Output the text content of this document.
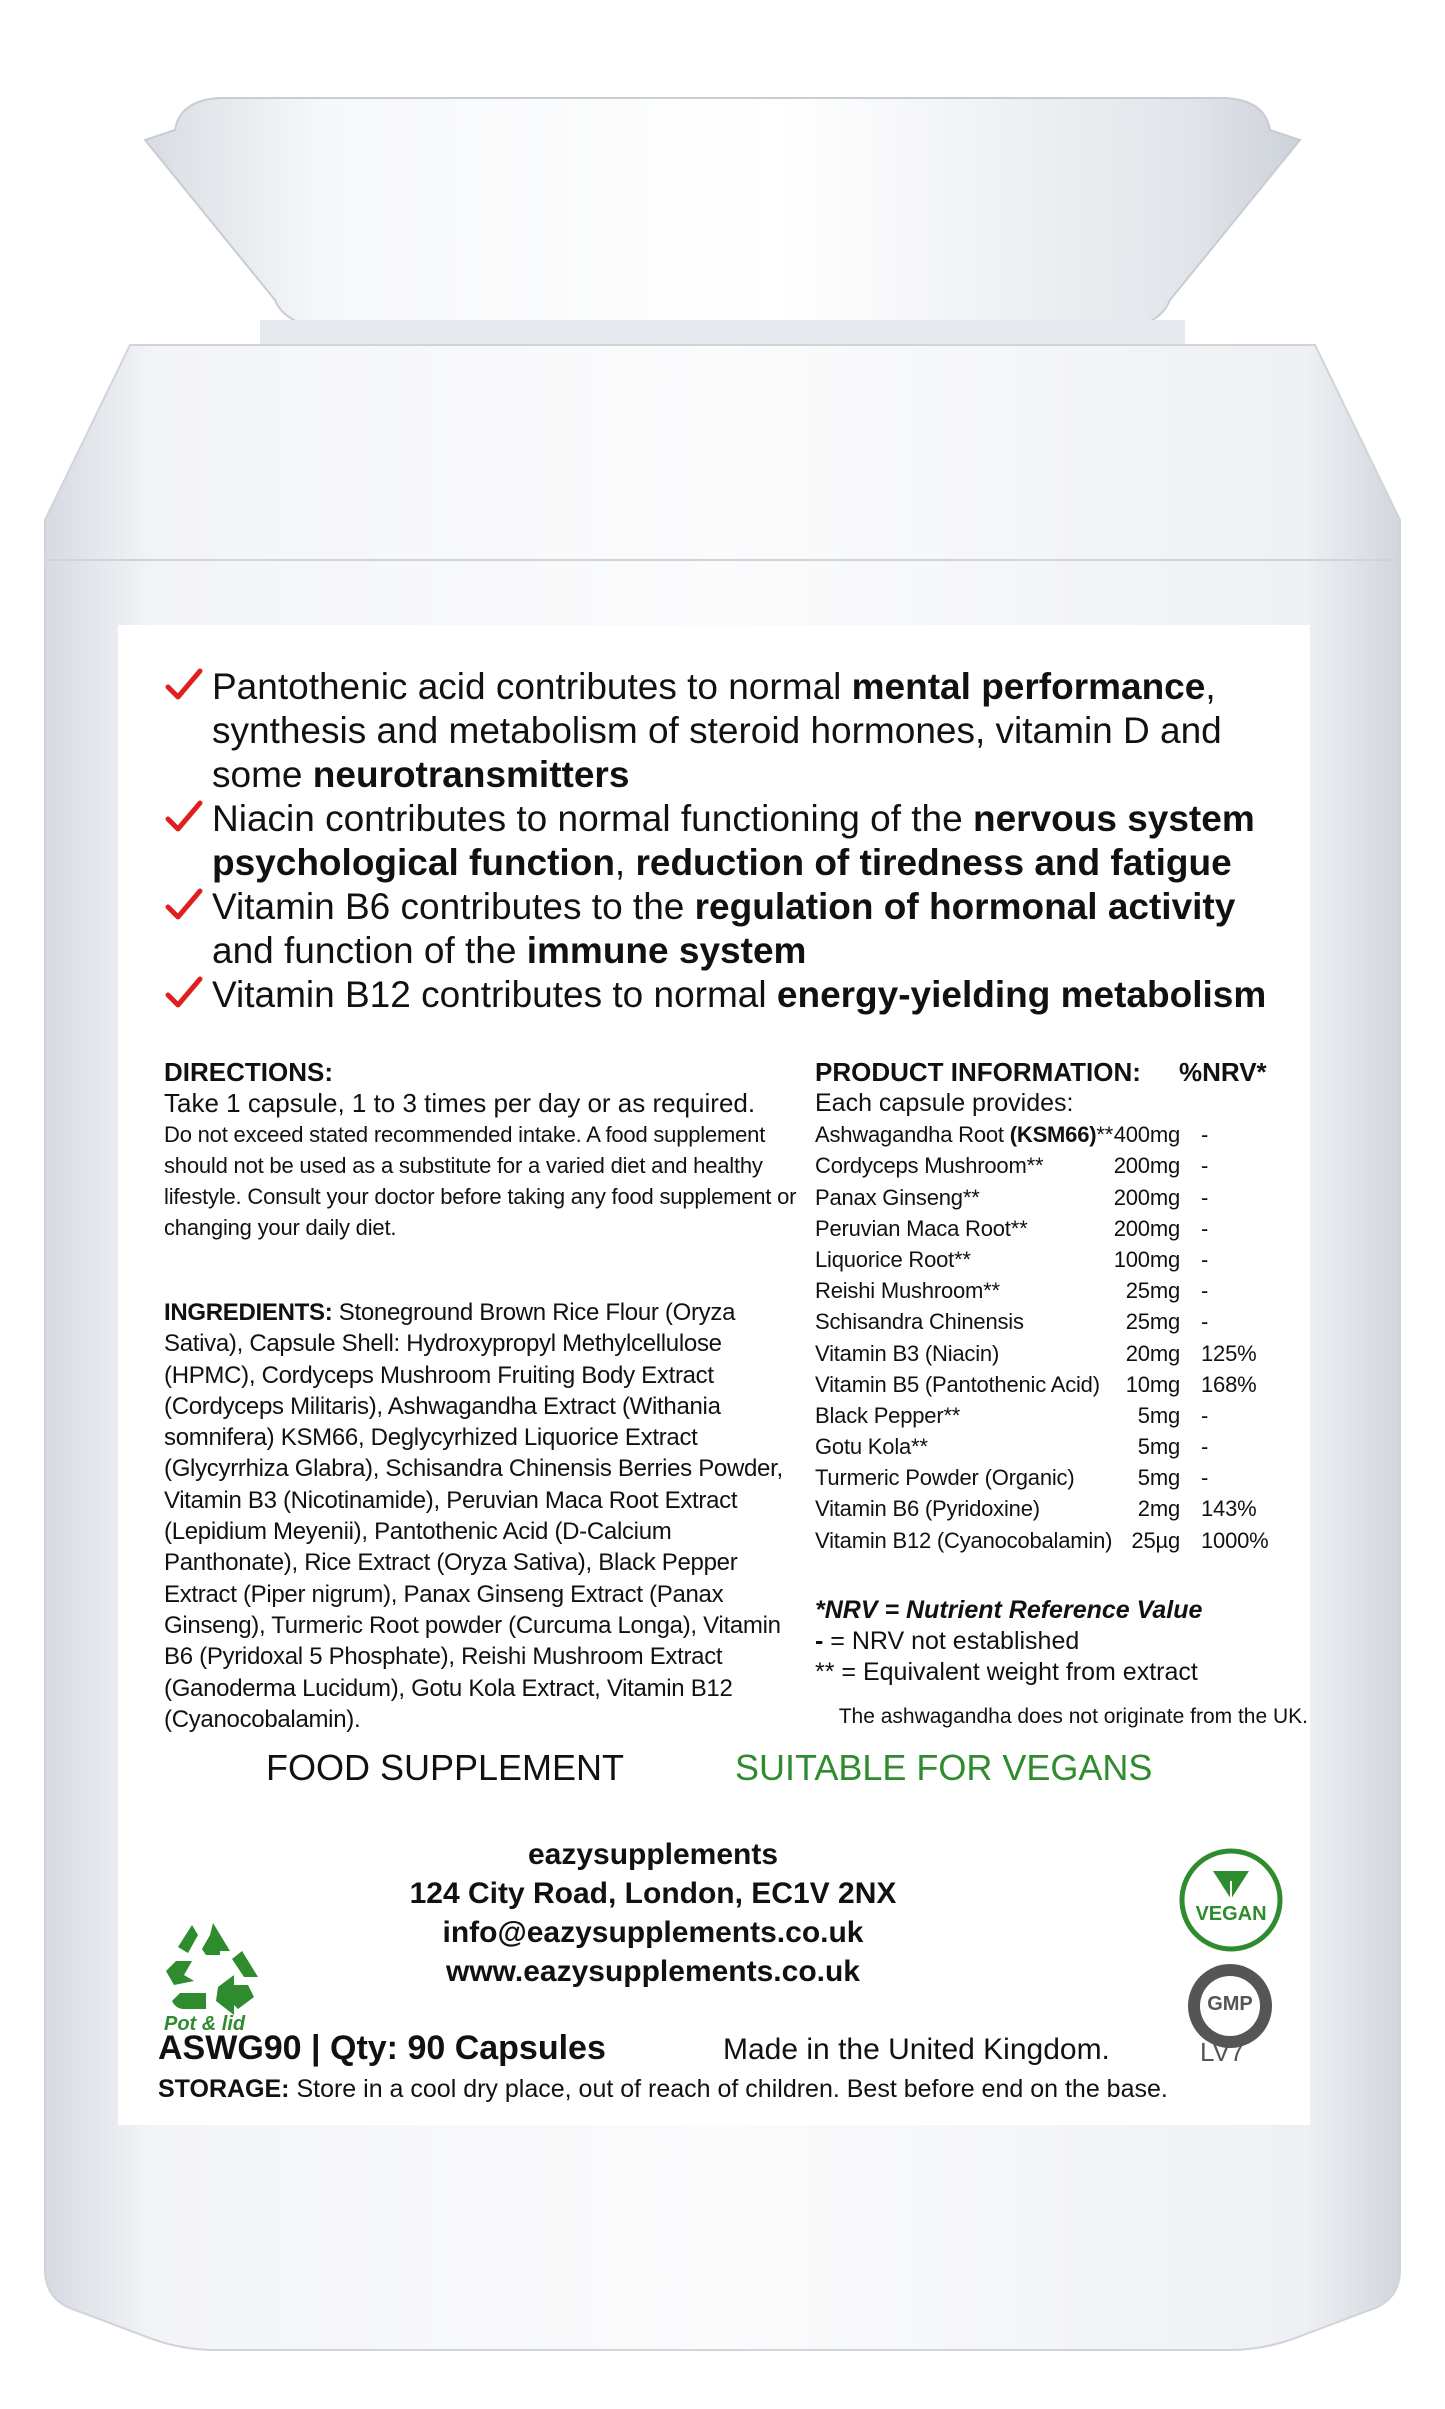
Pantothenic acid contributes to normal mental performance,
synthesis and metabolism of steroid hormones, vitamin D and
some neurotransmitters
Niacin contributes to normal functioning of the nervous system
psychological function, reduction of tiredness and fatigue
Vitamin B6 contributes to the regulation of hormonal activity
and function of the immune system
Vitamin B12 contributes to normal energy-yielding metabolism
DIRECTIONS:
Take 1 capsule, 1 to 3 times per day or as required.
Do not exceed stated recommended intake. A food supplement should not be used as a substitute for a varied diet and healthy lifestyle. Consult your doctor before taking any food supplement or changing your daily diet.
INGREDIENTS: Stoneground Brown Rice Flour (Oryza Sativa), Capsule Shell: Hydroxypropyl Methylcellulose (HPMC), Cordyceps Mushroom Fruiting Body Extract (Cordyceps Militaris), Ashwagandha Extract (Withania somnifera) KSM66, Deglycyrhized Liquorice Extract (Glycyrrhiza Glabra), Schisandra Chinensis Berries Powder, Vitamin B3 (Nicotinamide), Peruvian Maca Root Extract (Lepidium Meyenii), Pantothenic Acid (D-Calcium Panthonate), Rice Extract (Oryza Sativa), Black Pepper Extract (Piper nigrum), Panax Ginseng Extract (Panax Ginseng), Turmeric Root powder (Curcuma Longa), Vitamin B6 (Pyridoxal 5 Phosphate), Reishi Mushroom Extract (Ganoderma Lucidum), Gotu Kola Extract, Vitamin B12 (Cyanocobalamin).
PRODUCT INFORMATION: %NRV*
Each capsule provides:
Ashwagandha Root (KSM66)** 400mg -
Cordyceps Mushroom**	200mg -
Panax Ginseng**	200mg -
Peruvian Maca Root**	200mg -
Liquorice Root**	100mg -
Reishi Mushroom**	25mg -
Schisandra Chinensis	25mg -
Vitamin B3 (Niacin)	20mg 125%
Vitamin B5 (Pantothenic Acid) 10mg 168%
Black Pepper**	5mg -
Gotu Kola**	5mg -
Turmeric Powder (Organic)	5mg -
Vitamin B6 (Pyridoxine)	2mg 143%
Vitamin B12 (Cyanocobalamin) 25µg 1000%
*NRV = Nutrient Reference Value
- = NRV not established
** = Equivalent weight from extract
The ashwagandha does not originate from the UK.
FOOD SUPPLEMENT	SUITABLE FOR VEGANS
eazysupplements
124 City Road, London, EC1V 2NX
info@eazysupplements.co.uk
www.eazysupplements.co.uk
Pot & lid
VEGAN
GMP
ASWG90 | Qty: 90 Capsules	Made in the United Kingdom.	LV7
STORAGE: Store in a cool dry place, out of reach of children. Best before end on the base.
